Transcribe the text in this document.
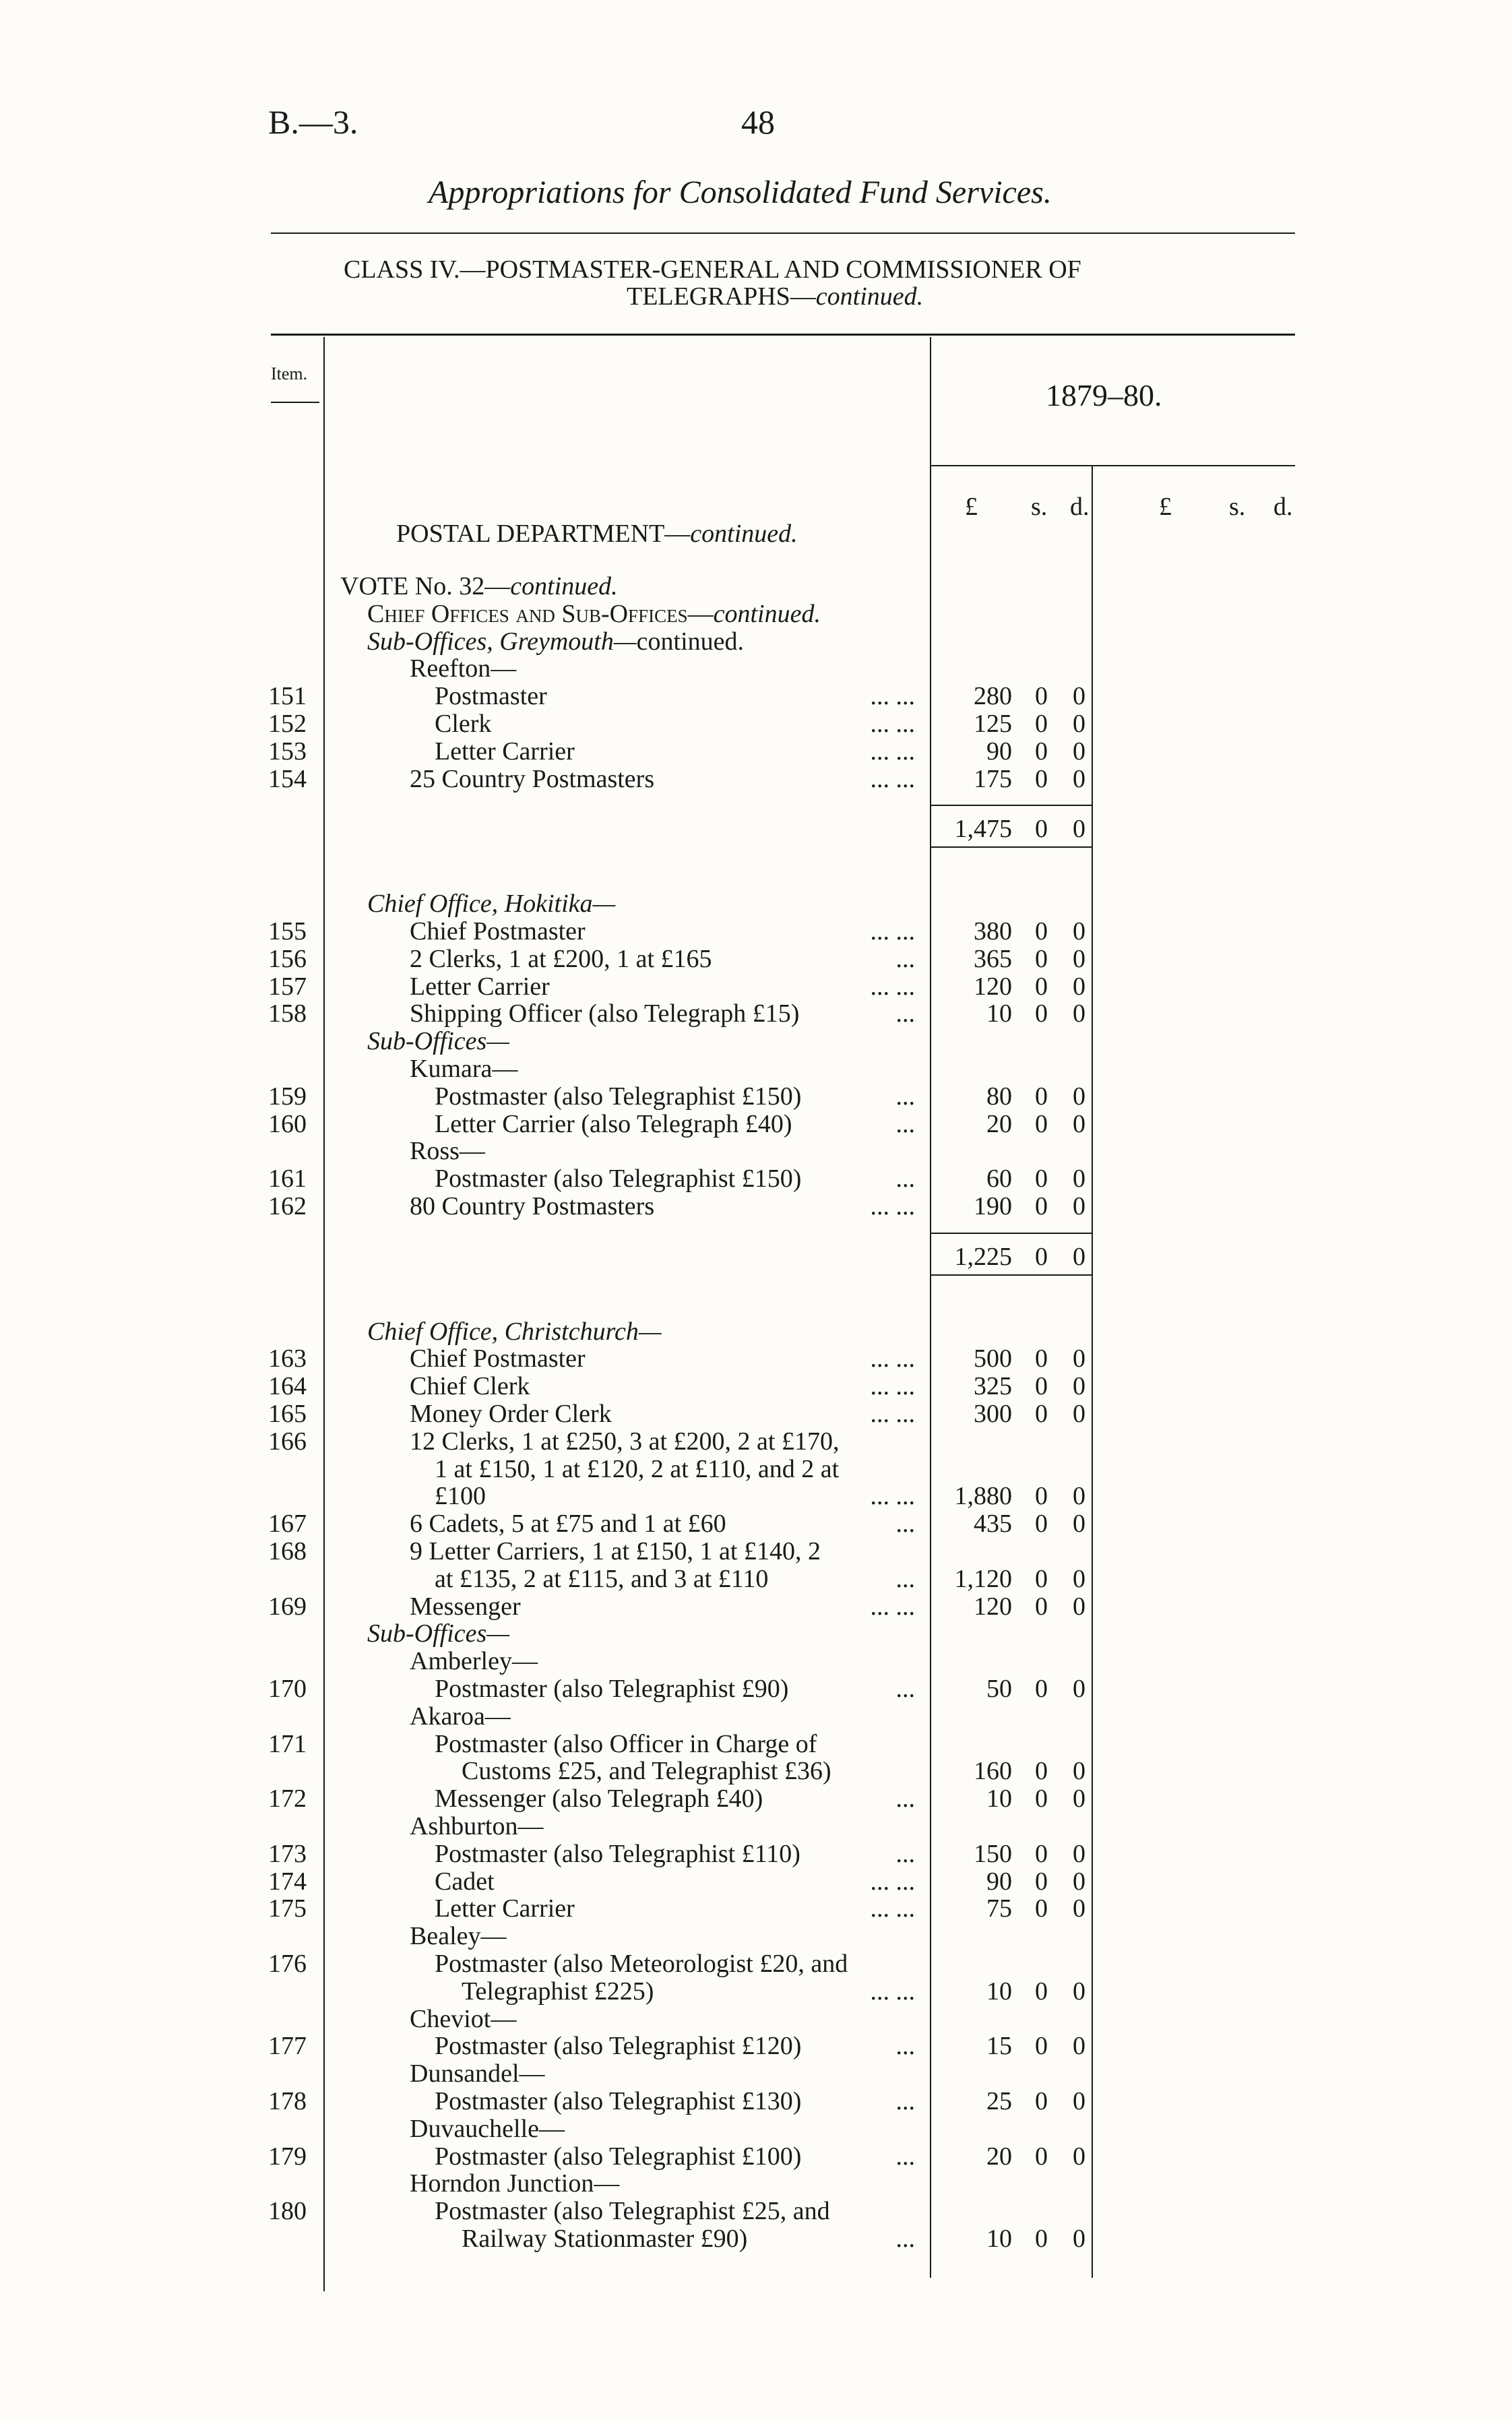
B.—3.	48
Appropriations for Consolidated Fund Services.
CLASS IV.—POSTMASTER-GENERAL AND COMMISSIONER OF
TELEGRAPHS—continued.
Item.
1879–80.
£ s. d.	£ s. d.
POSTAL DEPARTMENT—continued.
VOTE No. 32—continued.
Chief Offices and Sub-Offices—continued.
Sub-Offices, Greymouth—continued.
Reefton—
151	Postmaster	... ... 280 0 0
152	Clerk	... ... 125 0 0
153	Letter Carrier	... ...	90 0 0
154	25 Country Postmasters	... ... 175 0 0
1,475 0 0
Chief Office, Hokitika—
155	Chief Postmaster	... ... 380 0 0
156	2 Clerks, 1 at £200, 1 at £165	... 365 0 0
157	Letter Carrier	... ... 120 0 0
158	Shipping Officer (also Telegraph £15)	...	10 0 0
Sub-Offices—
Kumara—
159	Postmaster (also Telegraphist £150)	...	80 0 0
160	Letter Carrier (also Telegraph £40)	...	20 0 0
Ross—
161	Postmaster (also Telegraphist £150)	...	60 0 0
162	80 Country Postmasters	... ... 190 0 0
1,225 0 0
Chief Office, Christchurch—
163	Chief Postmaster	... ... 500 0 0
164	Chief Clerk	... ... 325 0 0
165	Money Order Clerk	... ... 300 0 0
166	12 Clerks, 1 at £250, 3 at £200, 2 at £170,
1 at £150, 1 at £120, 2 at £110, and 2 at
£100	... ... 1,880 0 0
167	6 Cadets, 5 at £75 and 1 at £60	... 435 0 0
168	9 Letter Carriers, 1 at £150, 1 at £140, 2
at £135, 2 at £115, and 3 at £110	... 1,120 0 0
169	Messenger	... ... 120 0 0
Sub-Offices—
Amberley—
170	Postmaster (also Telegraphist £90)	...	50 0 0
Akaroa—
171	Postmaster (also Officer in Charge of
Customs £25, and Telegraphist £36)	160 0 0
172	Messenger (also Telegraph £40)	...	10 0 0
Ashburton—
173	Postmaster (also Telegraphist £110)	... 150 0 0
174	Cadet	... ...	90 0 0
175	Letter Carrier	... ...	75 0 0
Bealey—
176	Postmaster (also Meteorologist £20, and
Telegraphist £225)	... ...	10 0 0
Cheviot—
177	Postmaster (also Telegraphist £120)	...	15 0 0
Dunsandel—
178	Postmaster (also Telegraphist £130)	...	25 0 0
Duvauchelle—
179	Postmaster (also Telegraphist £100)	...	20 0 0
Horndon Junction—
180	Postmaster (also Telegraphist £25, and
Railway Stationmaster £90)	...	10 0 0
